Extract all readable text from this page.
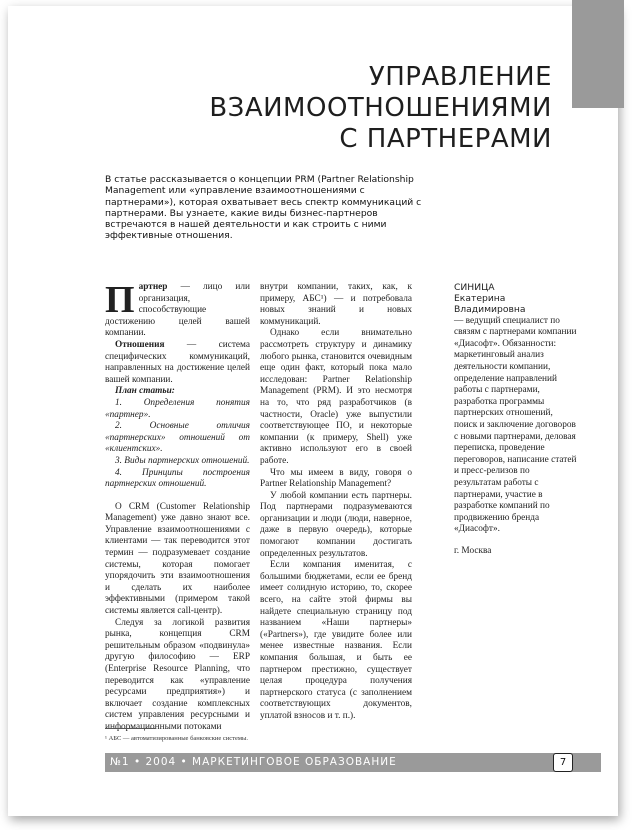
УПРАВЛЕНИЕ
ВЗАИМООТНОШЕНИЯМИ
С ПАРТНЕРАМИ
В статье рассказывается о концепции PRM (Partner Relationship Management или «управление взаимоотношениями с партнерами»), которая охватывает весь спектр коммуникаций с партнерами. Вы узнаете, какие виды бизнес-партнеров встречаются в нашей деятельности и как строить с ними эффективные отношения.

Партнер — лицо или организация, способствующие достижению целей вашей компании.

Отношения — система специфических коммуникаций, направленных на достижение целей вашей компании.

План статьи:

1. Определения понятия «партнер».

2. Основные отличия «партнерских» отношений от «клиентских».

3. Виды партнерских отношений.

4. Принципы построения партнерских отношений.

О CRM (Customer Relationship Management) уже давно знают все. Управление взаимоотношениями с клиентами — так переводится этот термин — подразумевает создание системы, которая помогает упорядочить эти взаимоотношения и сделать их наиболее эффективными (примером такой системы является call-центр).

Следуя за логикой развития рынка, концепция CRM решительным образом «подвинула» другую философию — ERP (Enterprise Resource Planning, что переводится как «управление ресурсами предприятия») и включает создание комплексных систем управления ресурсными и информационными потоками

внутри компании, таких, как, к примеру, АБС¹) — и потребовала новых знаний и новых коммуникаций.

Однако если внимательно рассмотреть структуру и динамику любого рынка, становится очевидным еще один факт, который пока мало исследован: Partner Relationship Management (PRM). И это несмотря на то, что ряд разработчиков (в частности, Oracle) уже выпустили соответствующее ПО, и некоторые компании (к примеру, Shell) уже активно используют его в своей работе.

Что мы имеем в виду, говоря о Partner Relationship Management?

У любой компании есть партнеры. Под партнерами подразумеваются организации и люди (люди, наверное, даже в первую очередь), которые помогают компании достигать определенных результатов.

Если компания именитая, с большими бюджетами, если ее бренд имеет солидную историю, то, скорее всего, на сайте этой фирмы вы найдете специальную страницу под названием «Наши партнеры» («Partners»), где увидите более или менее известные названия. Если компания большая, и быть ее партнером престижно, существует целая процедура получения партнерского статуса (с заполнением соответствующих документов, уплатой взносов и т. п.).

СИНИЦА
Екатерина
Владимировна

— ведущий специалист по связям с партнерами компании «Диасофт». Обязанности: маркетинговый анализ деятельности компании, определение направлений работы с партнерами, разработка программы партнерских отношений, поиск и заключение договоров с новыми партнерами, деловая переписка, проведение переговоров, написание статей и пресс-релизов по результатам работы с партнерами, участие в разработке компаний по продвижению бренда «Диасофт».

г. Москва

¹ АБС — автоматизированные банковские системы.
№1 • 2004 • МАРКЕТИНГОВОЕ ОБРАЗОВАНИЕ	7
